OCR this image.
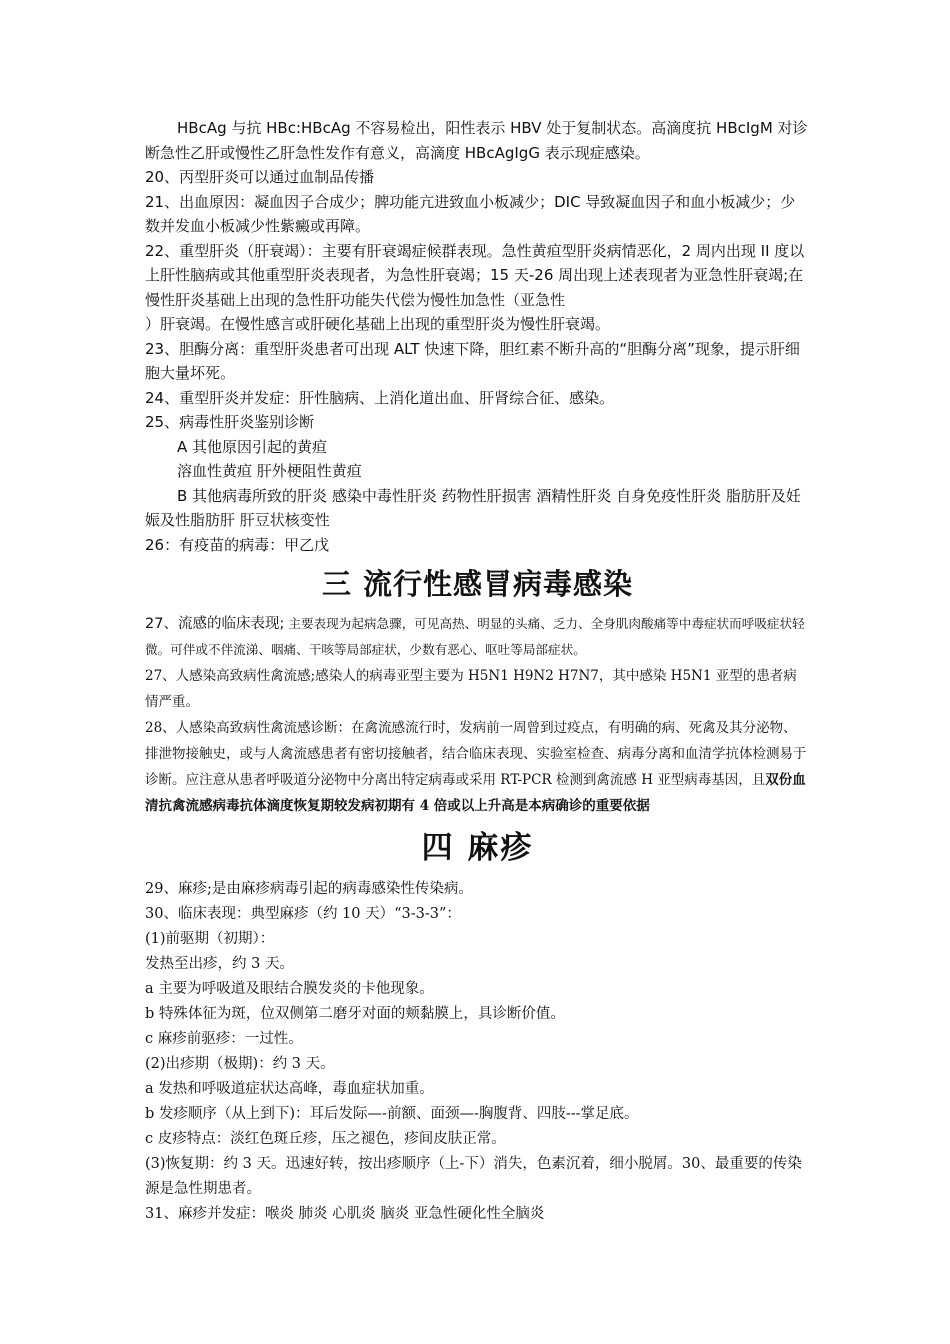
HBcAg 与抗 HBc:HBcAg 不容易检出，阳性表示 HBV 处于复制状态。高滴度抗 HBcIgM 对诊断急性乙肝或慢性乙肝急性发作有意义，高滴度 HBcAgIgG 表示现症感染。

20、丙型肝炎可以通过血制品传播

21、出血原因：凝血因子合成少；脾功能亢进致血小板减少；DIC 导致凝血因子和血小板减少；少数并发血小板减少性紫癜或再障。

22、重型肝炎（肝衰竭）：主要有肝衰竭症候群表现。急性黄疸型肝炎病情恶化，2 周内出现 II 度以上肝性脑病或其他重型肝炎表现者，为急性肝衰竭；15 天-26 周出现上述表现者为亚急性肝衰竭;在慢性肝炎基础上出现的急性肝功能失代偿为慢性加急性（亚急性

）肝衰竭。在慢性感言或肝硬化基础上出现的重型肝炎为慢性肝衰竭。

23、胆酶分离：重型肝炎患者可出现 ALT 快速下降，胆红素不断升高的“胆酶分离”现象，提示肝细胞大量坏死。

24、重型肝炎并发症：肝性脑病、上消化道出血、肝肾综合征、感染。

25、病毒性肝炎鉴别诊断

A 其他原因引起的黄疸

溶血性黄疸 肝外梗阻性黄疸

B 其他病毒所致的肝炎 感染中毒性肝炎 药物性肝损害 酒精性肝炎 自身免疫性肝炎 脂肪肝及妊娠及性脂肪肝 肝豆状核变性

26：有疫苗的病毒：甲乙戊

三 流行性感冒病毒感染

27、流感的临床表现; 主要表现为起病急骤，可见高热、明显的头痛、乏力、全身肌肉酸痛等中毒症状而呼吸症状轻微。可伴或不伴流涕、咽痛、干咳等局部症状，少数有恶心、呕吐等局部症状。

27、人感染高致病性禽流感;感染人的病毒亚型主要为 H5N1 H9N2 H7N7，其中感染 H5N1 亚型的患者病情严重。

28、人感染高致病性禽流感诊断：在禽流感流行时，发病前一周曾到过疫点，有明确的病、死禽及其分泌物、排泄物接触史，或与人禽流感患者有密切接触者，结合临床表现、实验室检查、病毒分离和血清学抗体检测易于诊断。应注意从患者呼吸道分泌物中分离出特定病毒或采用 RT-PCR 检测到禽流感 H 亚型病毒基因，且双份血清抗禽流感病毒抗体滴度恢复期较发病初期有 4 倍或以上升高是本病确诊的重要依据

四 麻疹

29、麻疹;是由麻疹病毒引起的病毒感染性传染病。

30、临床表现：典型麻疹（约 10 天）“3-3-3”：

(1)前驱期（初期）：

发热至出疹，约 3 天。

a 主要为呼吸道及眼结合膜发炎的卡他现象。

b 特殊体征为斑，位双侧第二磨牙对面的颊黏膜上，具诊断价值。

c 麻疹前驱疹：一过性。

(2)出疹期（极期)：约 3 天。

a 发热和呼吸道症状达高峰，毒血症状加重。

b 发疹顺序（从上到下)：耳后发际—-前额、面颈—-胸腹背、四肢---掌足底。

c 皮疹特点：淡红色斑丘疹，压之褪色，疹间皮肤正常。

(3)恢复期：约 3 天。迅速好转，按出疹顺序（上-下）消失，色素沉着，细小脱屑。30、最重要的传染源是急性期患者。

31、麻疹并发症：喉炎 肺炎 心肌炎 脑炎 亚急性硬化性全脑炎
